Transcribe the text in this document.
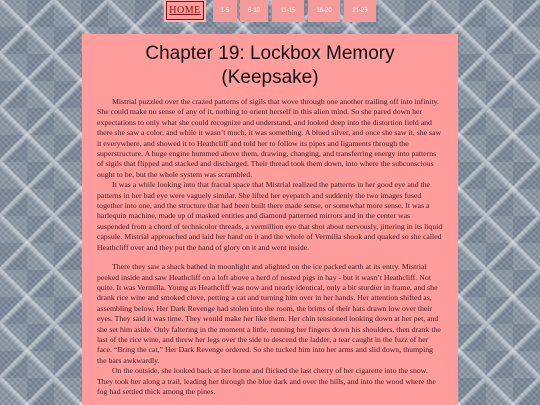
HOME	1-5	6-10	11-15	16-20	21-23
Chapter 19: Lockbox Memory
(Keepsake)

Mistrial puzzled over the crazed patterns of sigils that wove through one another trailing off into infinity. She could make no sense of any of it, nothing to orient herself in this alien mind. So she pared down her expectations to only what she could recognize and understand, and looked deep into the distortion field and there she saw a color, and while it wasn’t much, it was something. A blued silver, and once she saw it, she saw it everywhere, and showed it to Heathcliff and told her to follow its pipes and ligaments through the superstructure. A huge engine hummed above them, drawing, changing, and transferring energy into patterns of sigils that flipped and stacked and discharged. Their thread took them down, into where the subconscious ought to be, but the whole system was scrambled.

It was a while looking into that fractal space that Mistrial realized the patterns in her good eye and the patterns in her bad eye were vaguely similar. She lifted her eyepatch and suddenly the two images fused together into one, and the structure that had been built there made sense, or somewhat more sense. It was a harlequin machine, made up of masked entities and diamond patterned mirrors and in the center was suspended from a chord of technicolor threads, a vermillion eye that shot about nervously, jittering in its liquid capsule. Mistrial approached and laid her hand on it and the whole of Vermilla shook and quaked so she called Heathcliff over and they put the hand of glory on it and went inside.

There they saw a shack bathed in moonlight and alighted on the ice packed earth at its entry. Mistrial peeked inside and saw Heathcliff on a loft above a herd of nested pigs in hay - but it wasn’t Heathcliff. Not quite. It was Vermilla. Young as Heathcliff was now and nearly identical, only a bit sturdier in frame, and she drank rice wine and smoked clove, petting a cat and turning him over in her hands. Her attention shifted as, assembling below, Her Dark Revenge had stolen into the room, the brims of their hats drawn low over their eyes. They said it was time. They would make her like them. Her chin tensioned looking down at her pet, and she set him aside. Only faltering in the moment a little, running her fingers down his shoulders, then drank the last of the rice wine, and threw her legs over the side to descend the ladder, a tear caught in the fuzz of her face. “Bring the cat,” Her Dark Revenge ordered. So she tucked him into her arms and slid down, thumping the bars awkwardly.

On the outside, she looked back at her home and flicked the last cherry of her cigarette into the snow. They took her along a trail, leading her through the blue dark and over the hills, and into the wood where the fog had settled thick among the pines.
